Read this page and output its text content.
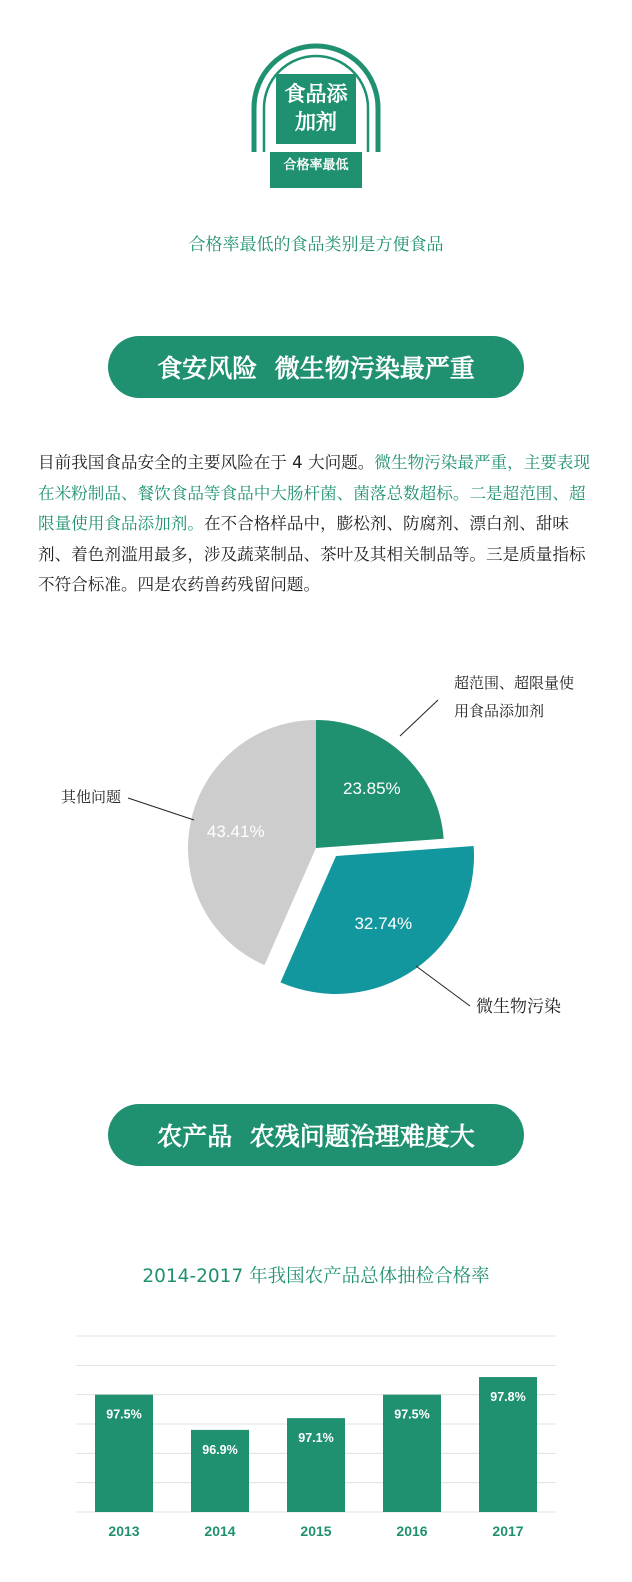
食品添
加剂
合格率最低
合格率最低的食品类别是方便食品
食安风险  微生物污染最严重
目前我国食品安全的主要风险在于 4 大问题。微生物污染最严重，主要表现在米粉制品、餐饮食品等食品中大肠杆菌、菌落总数超标。二是超范围、超限量使用食品添加剂。在不合格样品中，膨松剂、防腐剂、漂白剂、甜味剂、着色剂滥用最多，涉及蔬菜制品、茶叶及其相关制品等。三是质量指标不符合标准。四是农药兽药残留问题。
23.85%
超范围、超限量使
用食品添加剂
32.74%
微生物污染
43.41%
其他问题
农产品  农残问题治理难度大
2014-2017 年我国农产品总体抽检合格率
97.5%
2013
96.9%
2014
97.1%
2015
97.5%
2016
97.8%
2017
